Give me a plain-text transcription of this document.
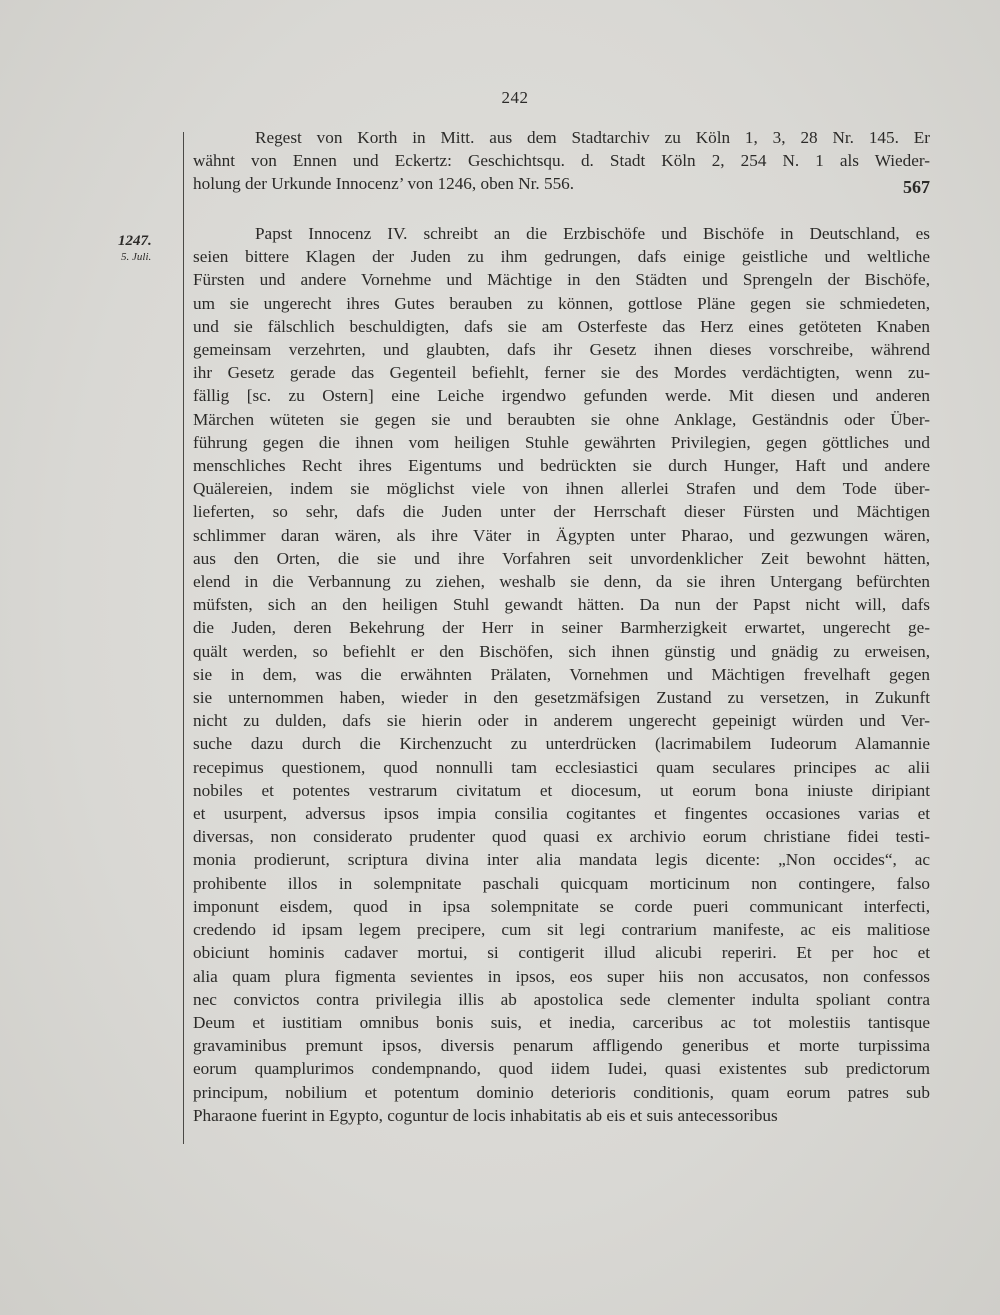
242
1247.
5. Juli.
Regest von Korth in Mitt. aus dem Stadtarchiv zu Köln 1, 3, 28 Nr. 145. Er
wähnt von Ennen und Eckertz: Geschichtsqu. d. Stadt Köln 2, 254 N. 1 als Wieder-
holung der Urkunde Innocenz’ von 1246, oben Nr. 556.	567
Papst Innocenz IV. schreibt an die Erzbischöfe und Bischöfe in Deutschland, es
seien bittere Klagen der Juden zu ihm gedrungen, dafs einige geistliche und weltliche
Fürsten und andere Vornehme und Mächtige in den Städten und Sprengeln der Bischöfe,
um sie ungerecht ihres Gutes berauben zu können, gottlose Pläne gegen sie schmiedeten,
und sie fälschlich beschuldigten, dafs sie am Osterfeste das Herz eines getöteten Knaben
gemeinsam verzehrten, und glaubten, dafs ihr Gesetz ihnen dieses vorschreibe, während
ihr Gesetz gerade das Gegenteil befiehlt, ferner sie des Mordes verdächtigten, wenn zu-
fällig [sc. zu Ostern] eine Leiche irgendwo gefunden werde. Mit diesen und anderen
Märchen wüteten sie gegen sie und beraubten sie ohne Anklage, Geständnis oder Über-
führung gegen die ihnen vom heiligen Stuhle gewährten Privilegien, gegen göttliches und
menschliches Recht ihres Eigentums und bedrückten sie durch Hunger, Haft und andere
Quälereien, indem sie möglichst viele von ihnen allerlei Strafen und dem Tode über-
lieferten, so sehr, dafs die Juden unter der Herrschaft dieser Fürsten und Mächtigen
schlimmer daran wären, als ihre Väter in Ägypten unter Pharao, und gezwungen wären,
aus den Orten, die sie und ihre Vorfahren seit unvordenklicher Zeit bewohnt hätten,
elend in die Verbannung zu ziehen, weshalb sie denn, da sie ihren Untergang befürchten
müfsten, sich an den heiligen Stuhl gewandt hätten. Da nun der Papst nicht will, dafs
die Juden, deren Bekehrung der Herr in seiner Barmherzigkeit erwartet, ungerecht ge-
quält werden, so befiehlt er den Bischöfen, sich ihnen günstig und gnädig zu erweisen,
sie in dem, was die erwähnten Prälaten, Vornehmen und Mächtigen frevelhaft gegen
sie unternommen haben, wieder in den gesetzmäfsigen Zustand zu versetzen, in Zukunft
nicht zu dulden, dafs sie hierin oder in anderem ungerecht gepeinigt würden und Ver-
suche dazu durch die Kirchenzucht zu unterdrücken (lacrimabilem Iudeorum Alamannie
recepimus questionem, quod nonnulli tam ecclesiastici quam seculares principes ac alii
nobiles et potentes vestrarum civitatum et diocesum, ut eorum bona iniuste diripiant
et usurpent, adversus ipsos impia consilia cogitantes et fingentes occasiones varias et
diversas, non considerato prudenter quod quasi ex archivio eorum christiane fidei testi-
monia prodierunt, scriptura divina inter alia mandata legis dicente: „Non occides“, ac
prohibente illos in solempnitate paschali quicquam morticinum non contingere, falso
imponunt eisdem, quod in ipsa solempnitate se corde pueri communicant interfecti,
credendo id ipsam legem precipere, cum sit legi contrarium manifeste, ac eis malitiose
obiciunt hominis cadaver mortui, si contigerit illud alicubi reperiri. Et per hoc et
alia quam plura figmenta sevientes in ipsos, eos super hiis non accusatos, non confessos
nec convictos contra privilegia illis ab apostolica sede clementer indulta spoliant contra
Deum et iustitiam omnibus bonis suis, et inedia, carceribus ac tot molestiis tantisque
gravaminibus premunt ipsos, diversis penarum affligendo generibus et morte turpissima
eorum quamplurimos condempnando, quod iidem Iudei, quasi existentes sub predictorum
principum, nobilium et potentum dominio deterioris conditionis, quam eorum patres sub
Pharaone fuerint in Egypto, coguntur de locis inhabitatis ab eis et suis antecessoribus
